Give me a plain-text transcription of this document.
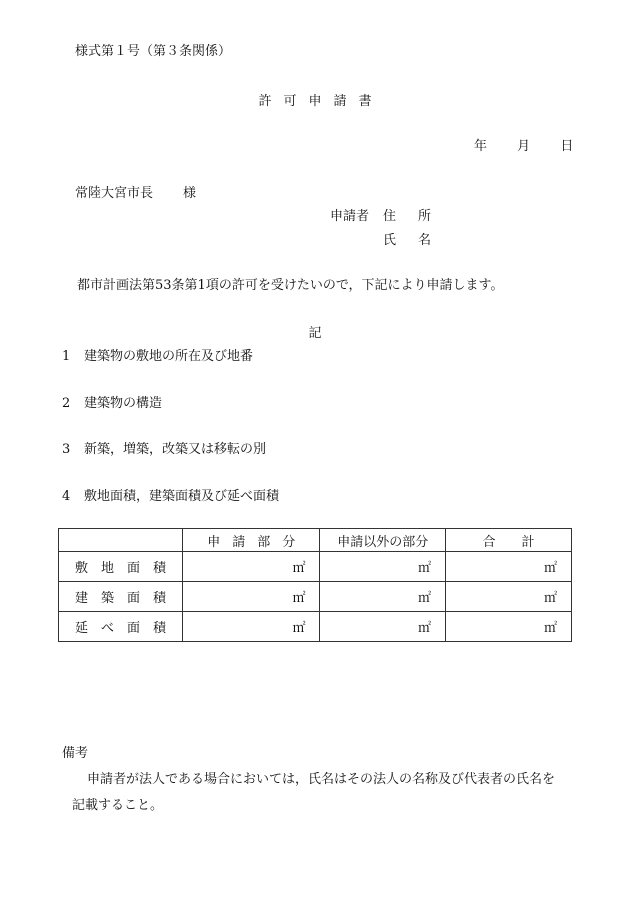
様式第１号（第３条関係）
許可申請書
年 月 日
常陸大宮市長 様
申請者 住所
氏名
都市計画法第53条第1項の許可を受けたいので，下記により申請します。
記
1 建築物の敷地の所在及び地番
2 建築物の構造
3 新築，増築，改築又は移転の別
4 敷地面積，建築面積及び延べ面積
	申請部分	申請以外の部分	合　　計
敷地面積	㎡	㎡	㎡
建築面積	㎡	㎡	㎡
延べ面積	㎡	㎡	㎡
備考
申請者が法人である場合においては，氏名はその法人の名称及び代表者の氏名を
記載すること。
